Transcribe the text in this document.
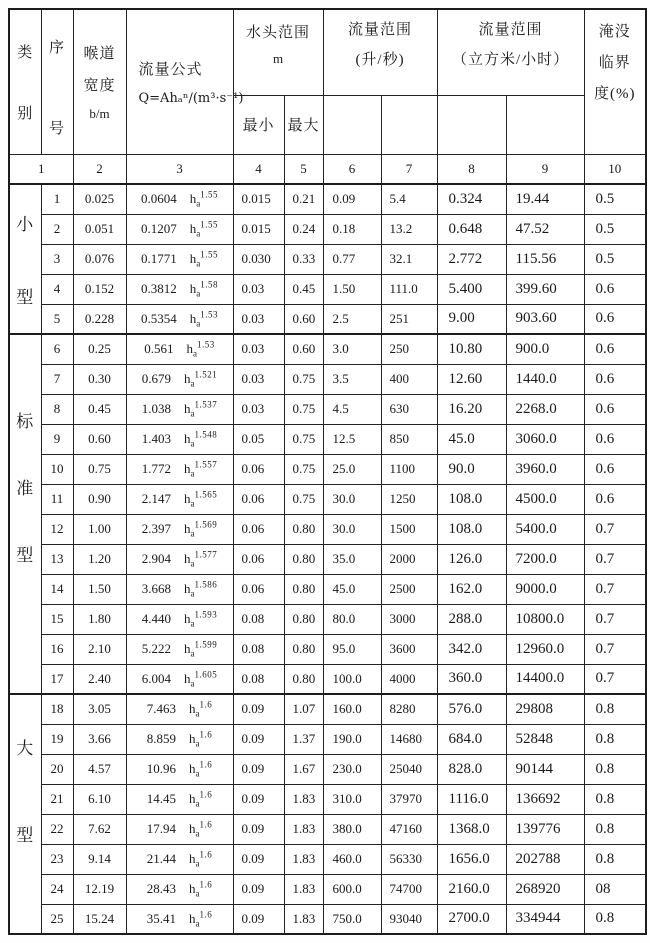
类
别	序
号	喉道
宽度
b/m	流量公式
Q=Ahₐⁿ/(m³·s⁻¹)	水头范围
m		流量范围
(升/秒)		流量范围
（立方米/小时）		淹没
临界
度(%)

				最小	最大					
1		2	3	4	5	6	7	8	9	10

小
型	1	0.025	0.0604 $h_a^{1.55}$	0.015	0.21	0.09	5.4	0.324	19.44	0.5
	2	0.051	0.1207 $h_a^{1.55}$	0.015	0.24	0.18	13.2	0.648	47.52	0.5
	3	0.076	0.1771 $h_a^{1.55}$	0.030	0.33	0.77	32.1	2.772	115.56	0.5
	4	0.152	0.3812 $h_a^{1.58}$	0.03	0.45	1.50	111.0	5.400	399.60	0.6
	5	0.228	0.5354 $h_a^{1.53}$	0.03	0.60	2.5	251	9.00	903.60	0.6

标
准
型	6	0.25	0.561 $h_a^{1.53}$	0.03	0.60	3.0	250	10.80	900.0	0.6
	7	0.30	0.679 $h_a^{1.521}$	0.03	0.75	3.5	400	12.60	1440.0	0.6
	8	0.45	1.038 $h_a^{1.537}$	0.03	0.75	4.5	630	16.20	2268.0	0.6
	9	0.60	1.403 $h_a^{1.548}$	0.05	0.75	12.5	850	45.0	3060.0	0.6
	10	0.75	1.772 $h_a^{1.557}$	0.06	0.75	25.0	1100	90.0	3960.0	0.6
	11	0.90	2.147 $h_a^{1.565}$	0.06	0.75	30.0	1250	108.0	4500.0	0.6
	12	1.00	2.397 $h_a^{1.569}$	0.06	0.80	30.0	1500	108.0	5400.0	0.7
	13	1.20	2.904 $h_a^{1.577}$	0.06	0.80	35.0	2000	126.0	7200.0	0.7
	14	1.50	3.668 $h_a^{1.586}$	0.06	0.80	45.0	2500	162.0	9000.0	0.7
	15	1.80	4.440 $h_a^{1.593}$	0.08	0.80	80.0	3000	288.0	10800.0	0.7
	16	2.10	5.222 $h_a^{1.599}$	0.08	0.80	95.0	3600	342.0	12960.0	0.7
	17	2.40	6.004 $h_a^{1.605}$	0.08	0.80	100.0	4000	360.0	14400.0	0.7

大
型	18	3.05	7.463 $h_a^{1.6}$	0.09	1.07	160.0	8280	576.0	29808	0.8
	19	3.66	8.859 $h_a^{1.6}$	0.09	1.37	190.0	14680	684.0	52848	0.8
	20	4.57	10.96 $h_a^{1.6}$	0.09	1.67	230.0	25040	828.0	90144	0.8
	21	6.10	14.45 $h_a^{1.6}$	0.09	1.83	310.0	37970	1116.0	136692	0.8
	22	7.62	17.94 $h_a^{1.6}$	0.09	1.83	380.0	47160	1368.0	139776	0.8
	23	9.14	21.44 $h_a^{1.6}$	0.09	1.83	460.0	56330	1656.0	202788	0.8
	24	12.19	28.43 $h_a^{1.6}$	0.09	1.83	600.0	74700	2160.0	268920	08
	25	15.24	35.41 $h_a^{1.6}$	0.09	1.83	750.0	93040	2700.0	334944	0.8
